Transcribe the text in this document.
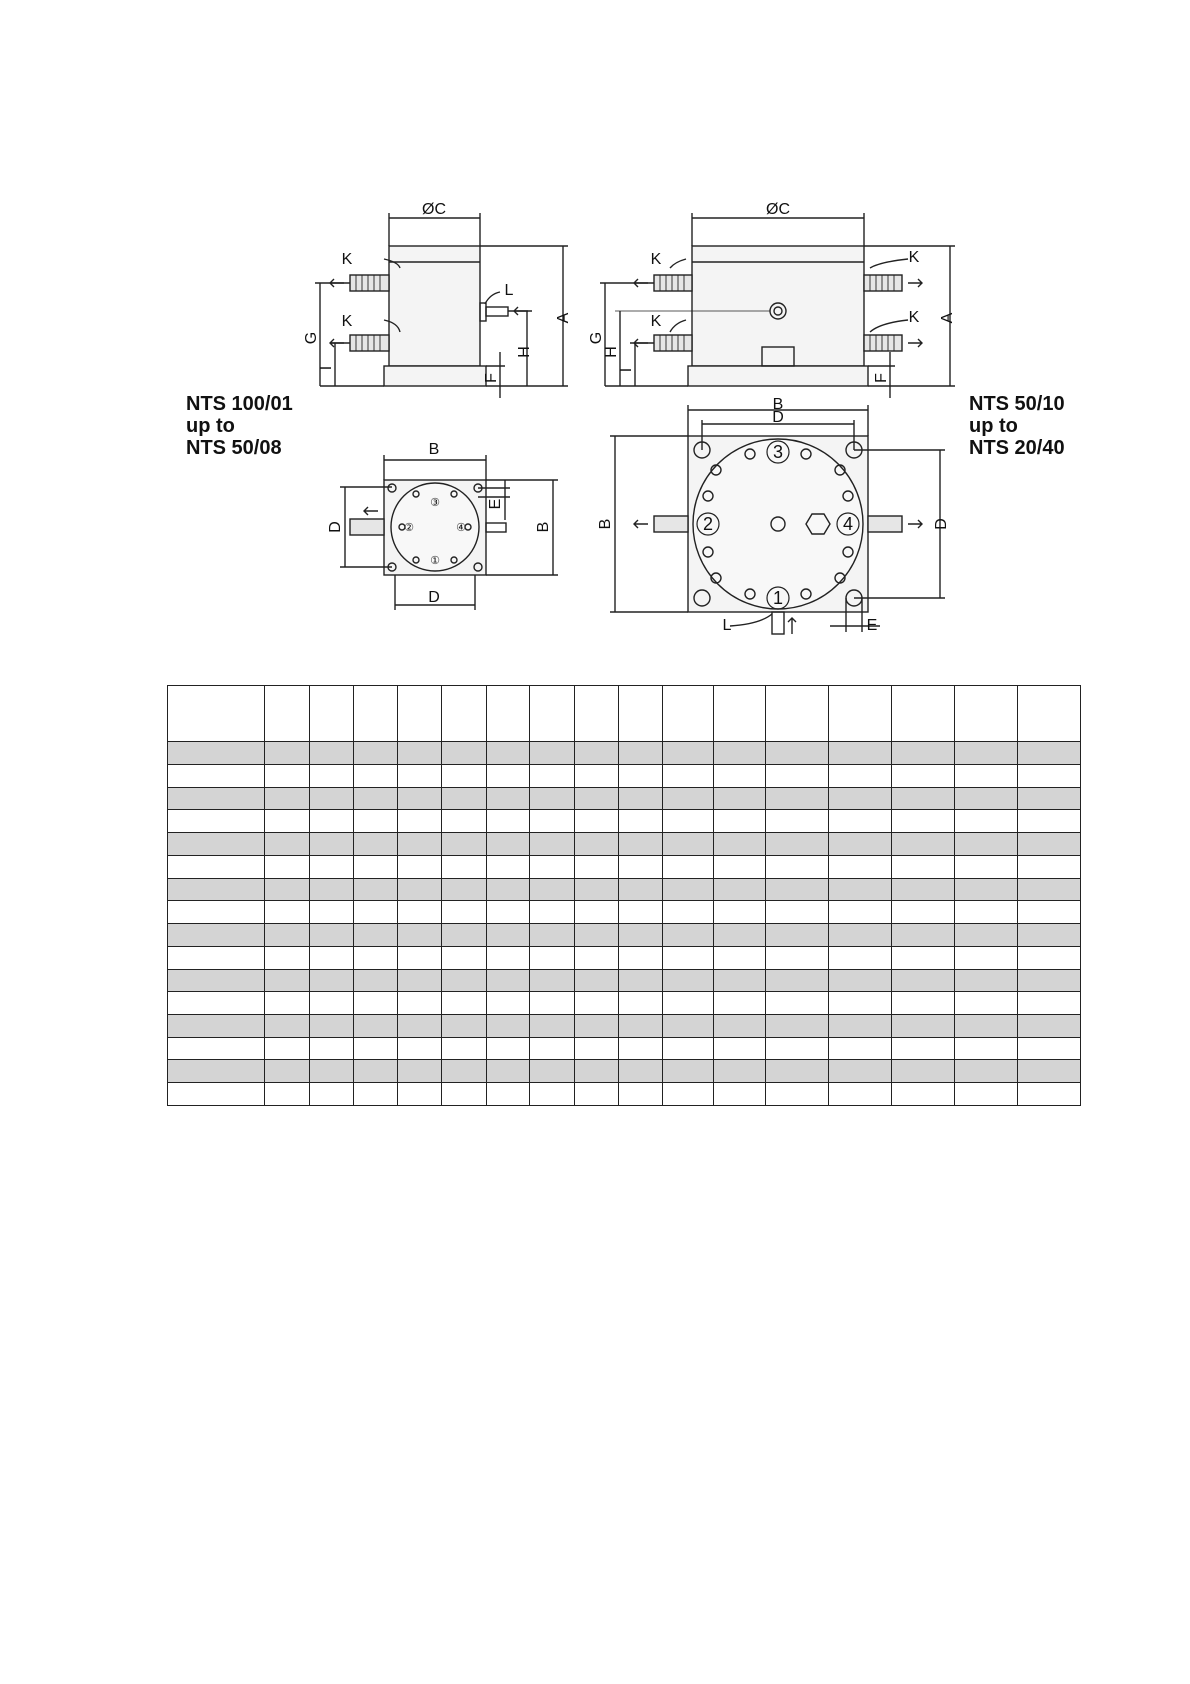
ØC	ØC
K
K
K
K
K
K
L
L	E
B
B
D
D
A	A
G	G
H	H
I	I
F	F
D	B
E
B	D
①
②
③
④
1
2
3
4
NTS 100/01
up to
NTS 50/08
NTS 50/10
up to
NTS 20/40
